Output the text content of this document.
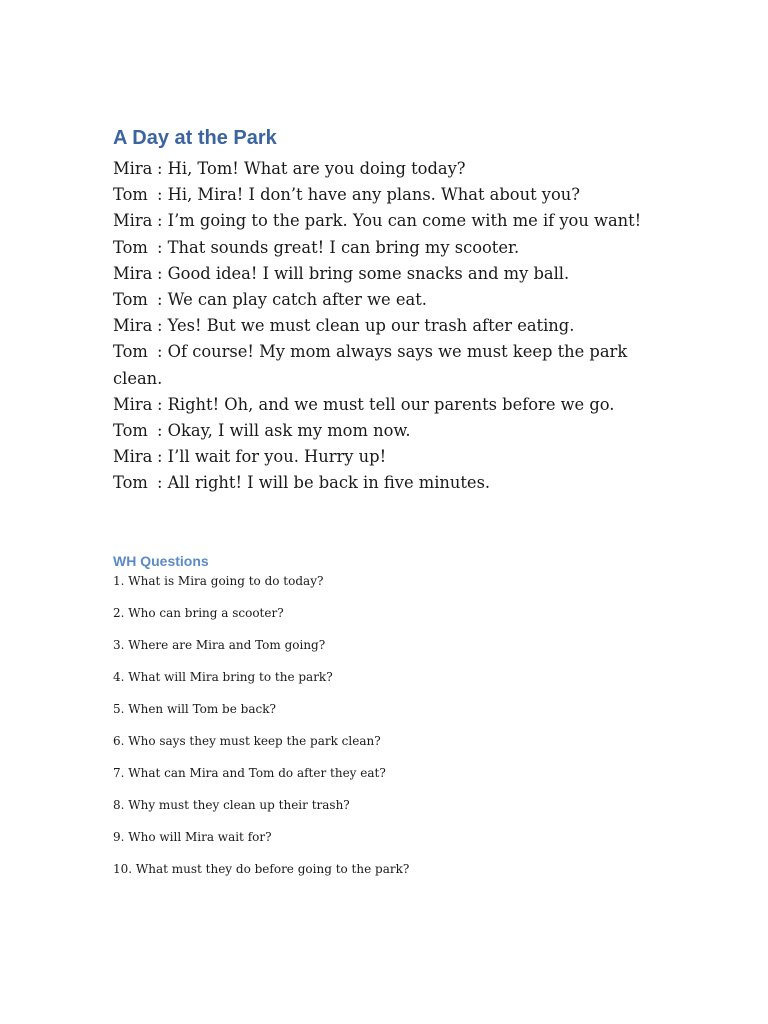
A Day at the Park

Mira : Hi, Tom! What are you doing today?

Tom : Hi, Mira! I don’t have any plans. What about you?

Mira : I’m going to the park. You can come with me if you want!

Tom : That sounds great! I can bring my scooter.

Mira : Good idea! I will bring some snacks and my ball.

Tom : We can play catch after we eat.

Mira : Yes! But we must clean up our trash after eating.

Tom : Of course! My mom always says we must keep the park clean.

Mira : Right! Oh, and we must tell our parents before we go.

Tom : Okay, I will ask my mom now.

Mira : I’ll wait for you. Hurry up!

Tom : All right! I will be back in five minutes.

WH Questions
1. What is Mira going to do today?
2. Who can bring a scooter?
3. Where are Mira and Tom going?
4. What will Mira bring to the park?
5. When will Tom be back?
6. Who says they must keep the park clean?
7. What can Mira and Tom do after they eat?
8. Why must they clean up their trash?
9. Who will Mira wait for?
10. What must they do before going to the park?
